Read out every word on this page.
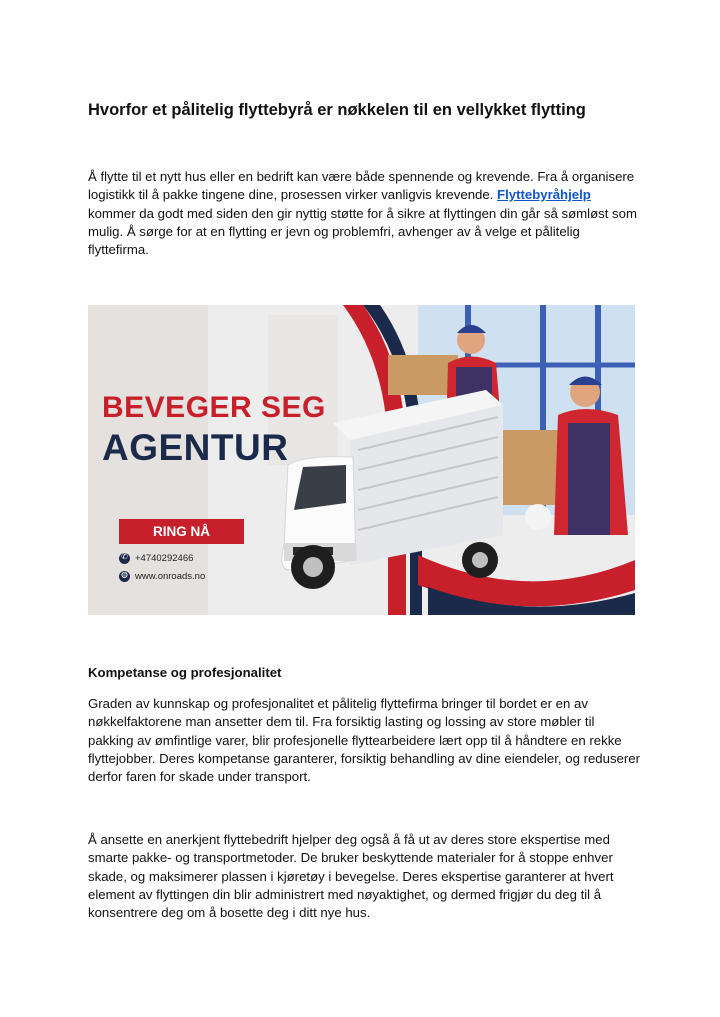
Hvorfor et pålitelig flyttebyrå er nøkkelen til en vellykket flytting

Å flytte til et nytt hus eller en bedrift kan være både spennende og krevende. Fra å organisere logistikk til å pakke tingene dine, prosessen virker vanligvis krevende. Flyttebyråhjelp kommer da godt med siden den gir nyttig støtte for å sikre at flyttingen din går så sømløst som mulig. Å sørge for at en flytting er jevn og problemfri, avhenger av å velge et pålitelig flyttefirma.

BEVEGER SEG
AGENTUR
RING NÅ
✆ +4740292466
◍ www.onroads.no
Kompetanse og profesjonalitet

Graden av kunnskap og profesjonalitet et pålitelig flyttefirma bringer til bordet er en av nøkkelfaktorene man ansetter dem til. Fra forsiktig lasting og lossing av store møbler til pakking av ømfintlige varer, blir profesjonelle flyttearbeidere lært opp til å håndtere en rekke flyttejobber. Deres kompetanse garanterer, forsiktig behandling av dine eiendeler, og reduserer derfor faren for skade under transport.

Å ansette en anerkjent flyttebedrift hjelper deg også å få ut av deres store ekspertise med smarte pakke- og transportmetoder. De bruker beskyttende materialer for å stoppe enhver skade, og maksimerer plassen i kjøretøy i bevegelse. Deres ekspertise garanterer at hvert element av flyttingen din blir administrert med nøyaktighet, og dermed frigjør du deg til å konsentrere deg om å bosette deg i ditt nye hus.
